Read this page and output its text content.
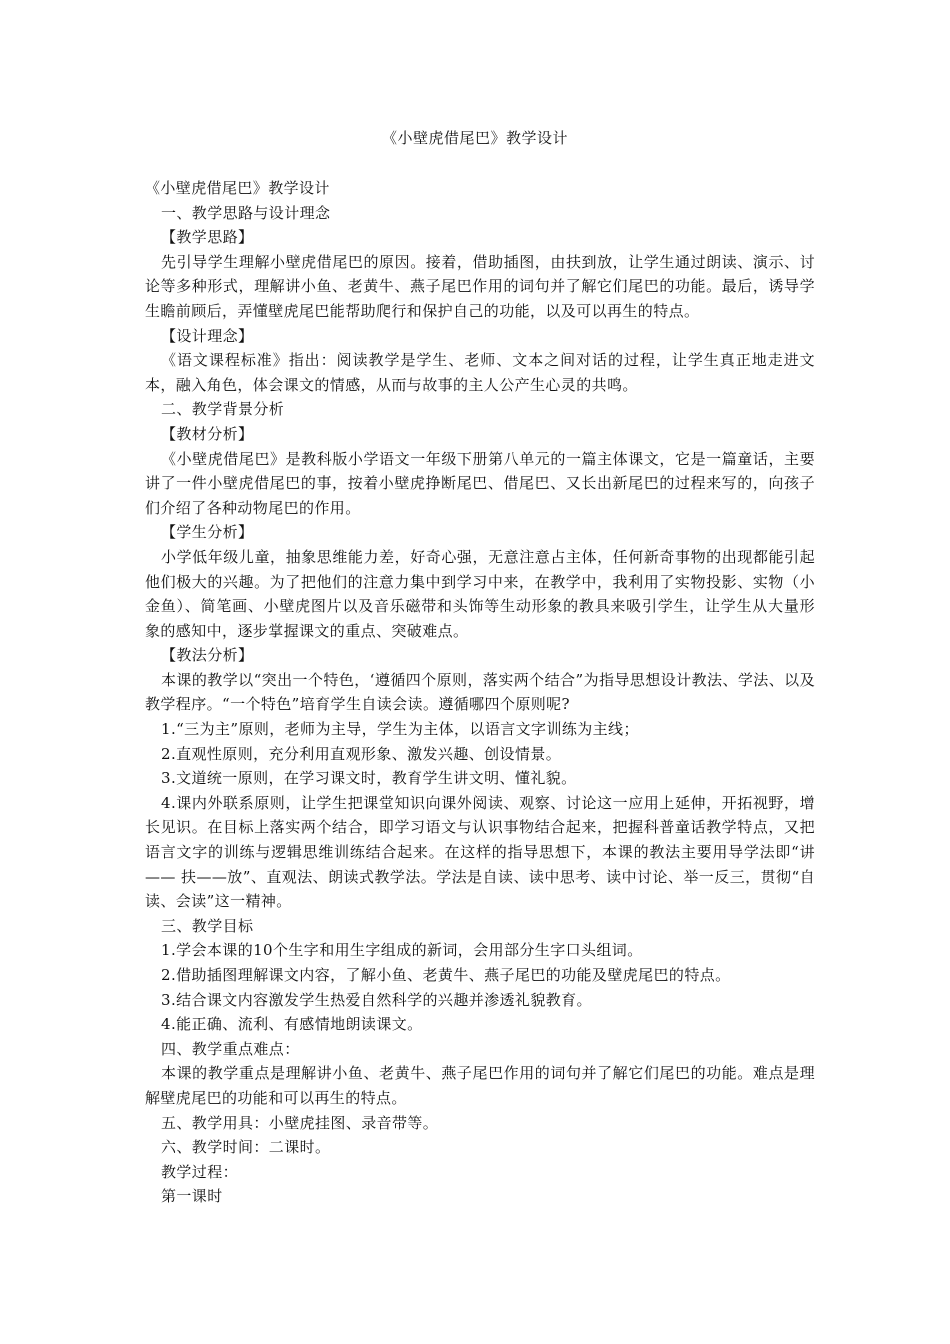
《小壁虎借尾巴》教学设计

《小壁虎借尾巴》教学设计

一、教学思路与设计理念

【教学思路】

先引导学生理解小壁虎借尾巴的原因。接着，借助插图，由扶到放，让学生通过朗读、演示、讨论等多种形式，理解讲小鱼、老黄牛、燕子尾巴作用的词句并了解它们尾巴的功能。最后，诱导学生瞻前顾后，弄懂壁虎尾巴能帮助爬行和保护自己的功能，以及可以再生的特点。

【设计理念】

《语文课程标准》指出：阅读教学是学生、老师、文本之间对话的过程，让学生真正地走进文本，融入角色，体会课文的情感，从而与故事的主人公产生心灵的共鸣。

二、教学背景分析

【教材分析】

《小壁虎借尾巴》是教科版小学语文一年级下册第八单元的一篇主体课文，它是一篇童话，主要讲了一件小壁虎借尾巴的事，按着小壁虎挣断尾巴、借尾巴、又长出新尾巴的过程来写的，向孩子们介绍了各种动物尾巴的作用。

【学生分析】

小学低年级儿童，抽象思维能力差，好奇心强，无意注意占主体，任何新奇事物的出现都能引起他们极大的兴趣。为了把他们的注意力集中到学习中来，在教学中，我利用了实物投影、实物（小金鱼）、简笔画、小壁虎图片以及音乐磁带和头饰等生动形象的教具来吸引学生，让学生从大量形象的感知中，逐步掌握课文的重点、突破难点。

【教法分析】

本课的教学以“突出一个特色，‘遵循四个原则，落实两个结合”为指导思想设计教法、学法、以及教学程序。“一个特色”培育学生自读会读。遵循哪四个原则呢?

1.“三为主”原则，老师为主导，学生为主体，以语言文字训练为主线；

2.直观性原则，充分利用直观形象、激发兴趣、创设情景。

3.文道统一原则，在学习课文时，教育学生讲文明、懂礼貌。

4.课内外联系原则，让学生把课堂知识向课外阅读、观察、讨论这一应用上延伸，开拓视野，增长见识。在目标上落实两个结合，即学习语文与认识事物结合起来，把握科普童话教学特点，又把语言文字的训练与逻辑思维训练结合起来。在这样的指导思想下，本课的教法主要用导学法即“讲—— 扶——放”、直观法、朗读式教学法。学法是自读、读中思考、读中讨论、举一反三，贯彻“自读、会读”这一精神。

三、教学目标

1.学会本课的10个生字和用生字组成的新词，会用部分生字口头组词。

2.借助插图理解课文内容，了解小鱼、老黄牛、燕子尾巴的功能及壁虎尾巴的特点。

3.结合课文内容激发学生热爱自然科学的兴趣并渗透礼貌教育。

4.能正确、流利、有感情地朗读课文。

四、教学重点难点：

本课的教学重点是理解讲小鱼、老黄牛、燕子尾巴作用的词句并了解它们尾巴的功能。难点是理解壁虎尾巴的功能和可以再生的特点。

五、教学用具：小壁虎挂图、录音带等。

六、教学时间：二课时。

教学过程：

第一课时
